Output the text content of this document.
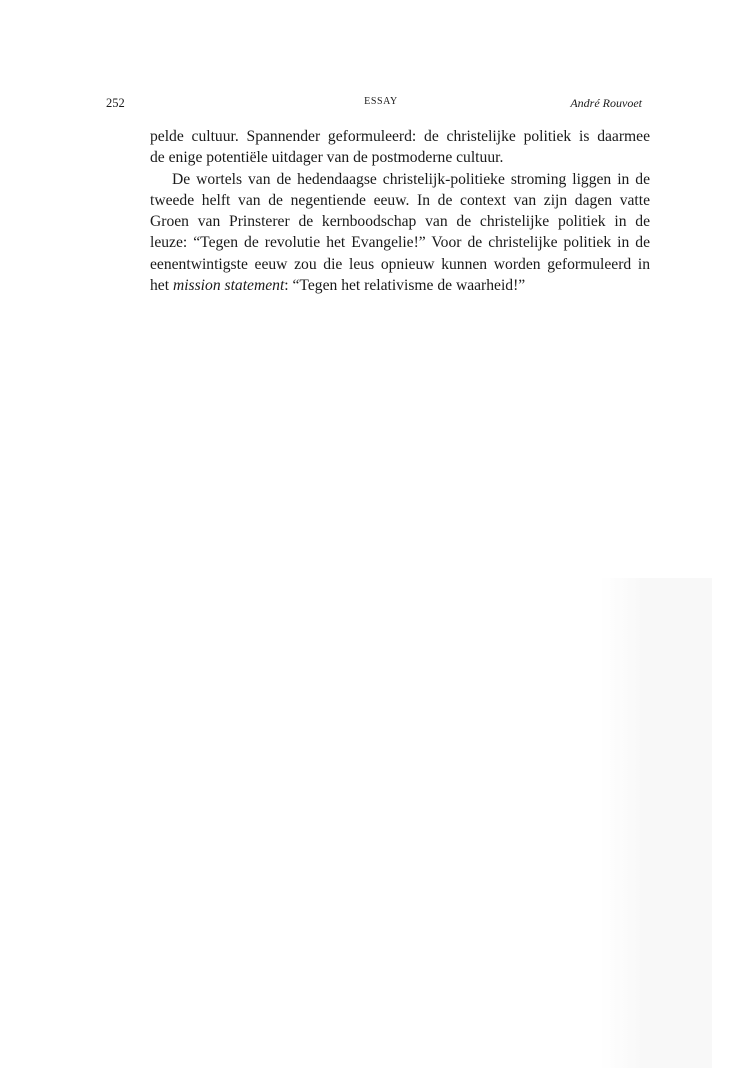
252	ESSAY	André Rouvoet
pelde cultuur. Spannender geformuleerd: de christelijke politiek is daarmee
de enige potentiële uitdager van de postmoderne cultuur.
De wortels van de hedendaagse christelijk-politieke stroming liggen in de
tweede helft van de negentiende eeuw. In de context van zijn dagen vatte
Groen van Prinsterer de kernboodschap van de christelijke politiek in de
leuze: “Tegen de revolutie het Evangelie!” Voor de christelijke politiek in de
eenentwintigste eeuw zou die leus opnieuw kunnen worden geformuleerd in
het mission statement: “Tegen het relativisme de waarheid!”
